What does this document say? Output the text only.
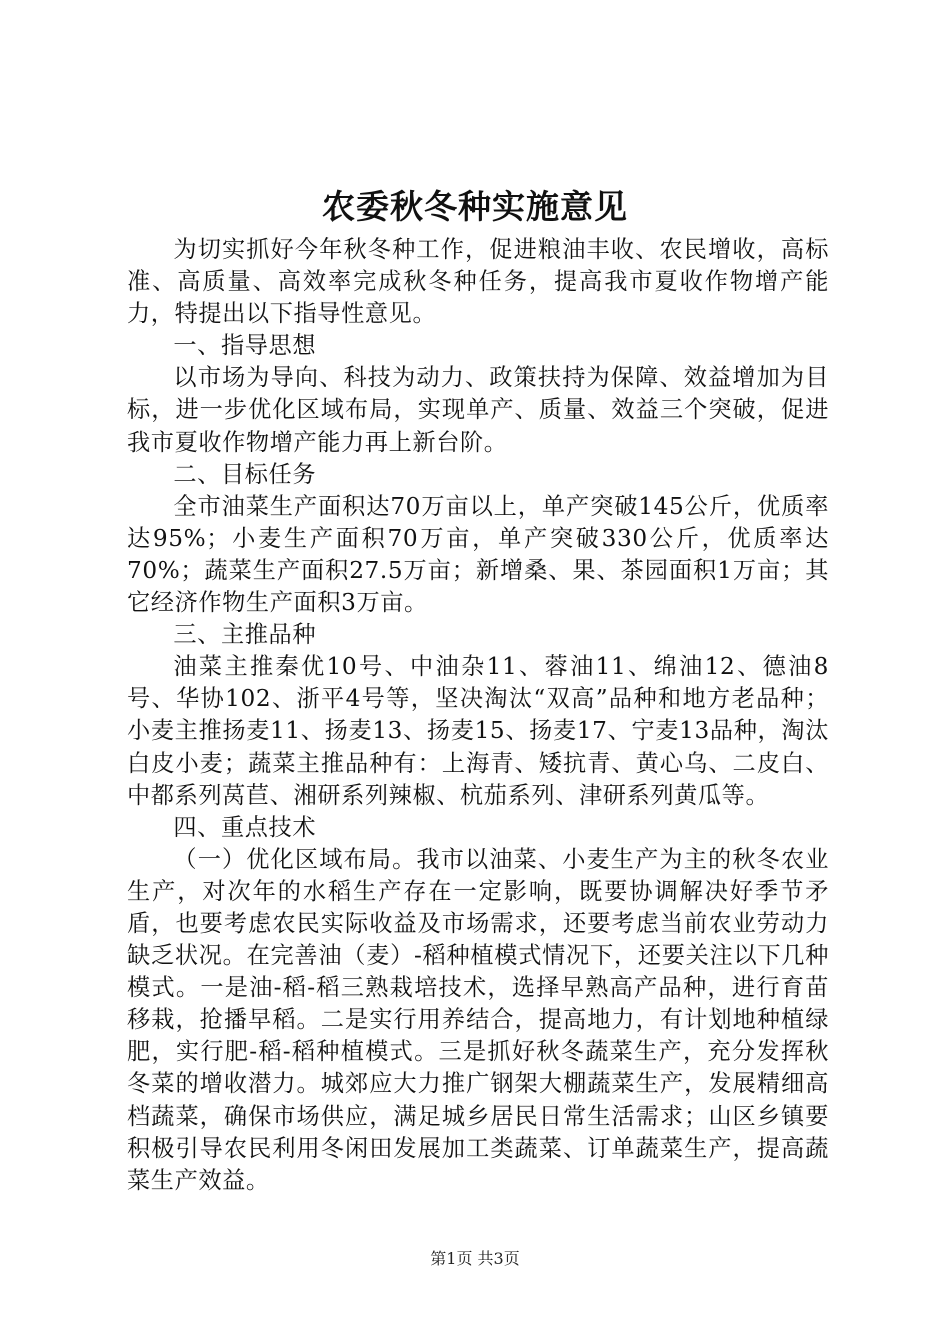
农委秋冬种实施意见

为切实抓好今年秋冬种工作，促进粮油丰收、农民增收，高标准、高质量、高效率完成秋冬种任务，提高我市夏收作物增产能力，特提出以下指导性意见。

一、指导思想

以市场为导向、科技为动力、政策扶持为保障、效益增加为目标，进一步优化区域布局，实现单产、质量、效益三个突破，促进我市夏收作物增产能力再上新台阶。

二、目标任务

全市油菜生产面积达70万亩以上，单产突破145公斤，优质率达95%；小麦生产面积70万亩，单产突破330公斤，优质率达70%；蔬菜生产面积27.5万亩；新增桑、果、茶园面积1万亩；其它经济作物生产面积3万亩。

三、主推品种

油菜主推秦优10号、中油杂11、蓉油11、绵油12、德油8号、华协102、浙平4号等，坚决淘汰“双高”品种和地方老品种；小麦主推扬麦11、扬麦13、扬麦15、扬麦17、宁麦13品种，淘汰白皮小麦；蔬菜主推品种有：上海青、矮抗青、黄心乌、二皮白、中都系列莴苣、湘研系列辣椒、杭茄系列、津研系列黄瓜等。

四、重点技术

（一）优化区域布局。我市以油菜、小麦生产为主的秋冬农业生产，对次年的水稻生产存在一定影响，既要协调解决好季节矛盾，也要考虑农民实际收益及市场需求，还要考虑当前农业劳动力缺乏状况。在完善油（麦）-稻种植模式情况下，还要关注以下几种模式。一是油-稻-稻三熟栽培技术，选择早熟高产品种，进行育苗移栽，抢播早稻。二是实行用养结合，提高地力，有计划地种植绿肥，实行肥-稻-稻种植模式。三是抓好秋冬蔬菜生产，充分发挥秋冬菜的增收潜力。城郊应大力推广钢架大棚蔬菜生产，发展精细高档蔬菜，确保市场供应，满足城乡居民日常生活需求；山区乡镇要积极引导农民利用冬闲田发展加工类蔬菜、订单蔬菜生产，提高蔬菜生产效益。

第1页 共3页
